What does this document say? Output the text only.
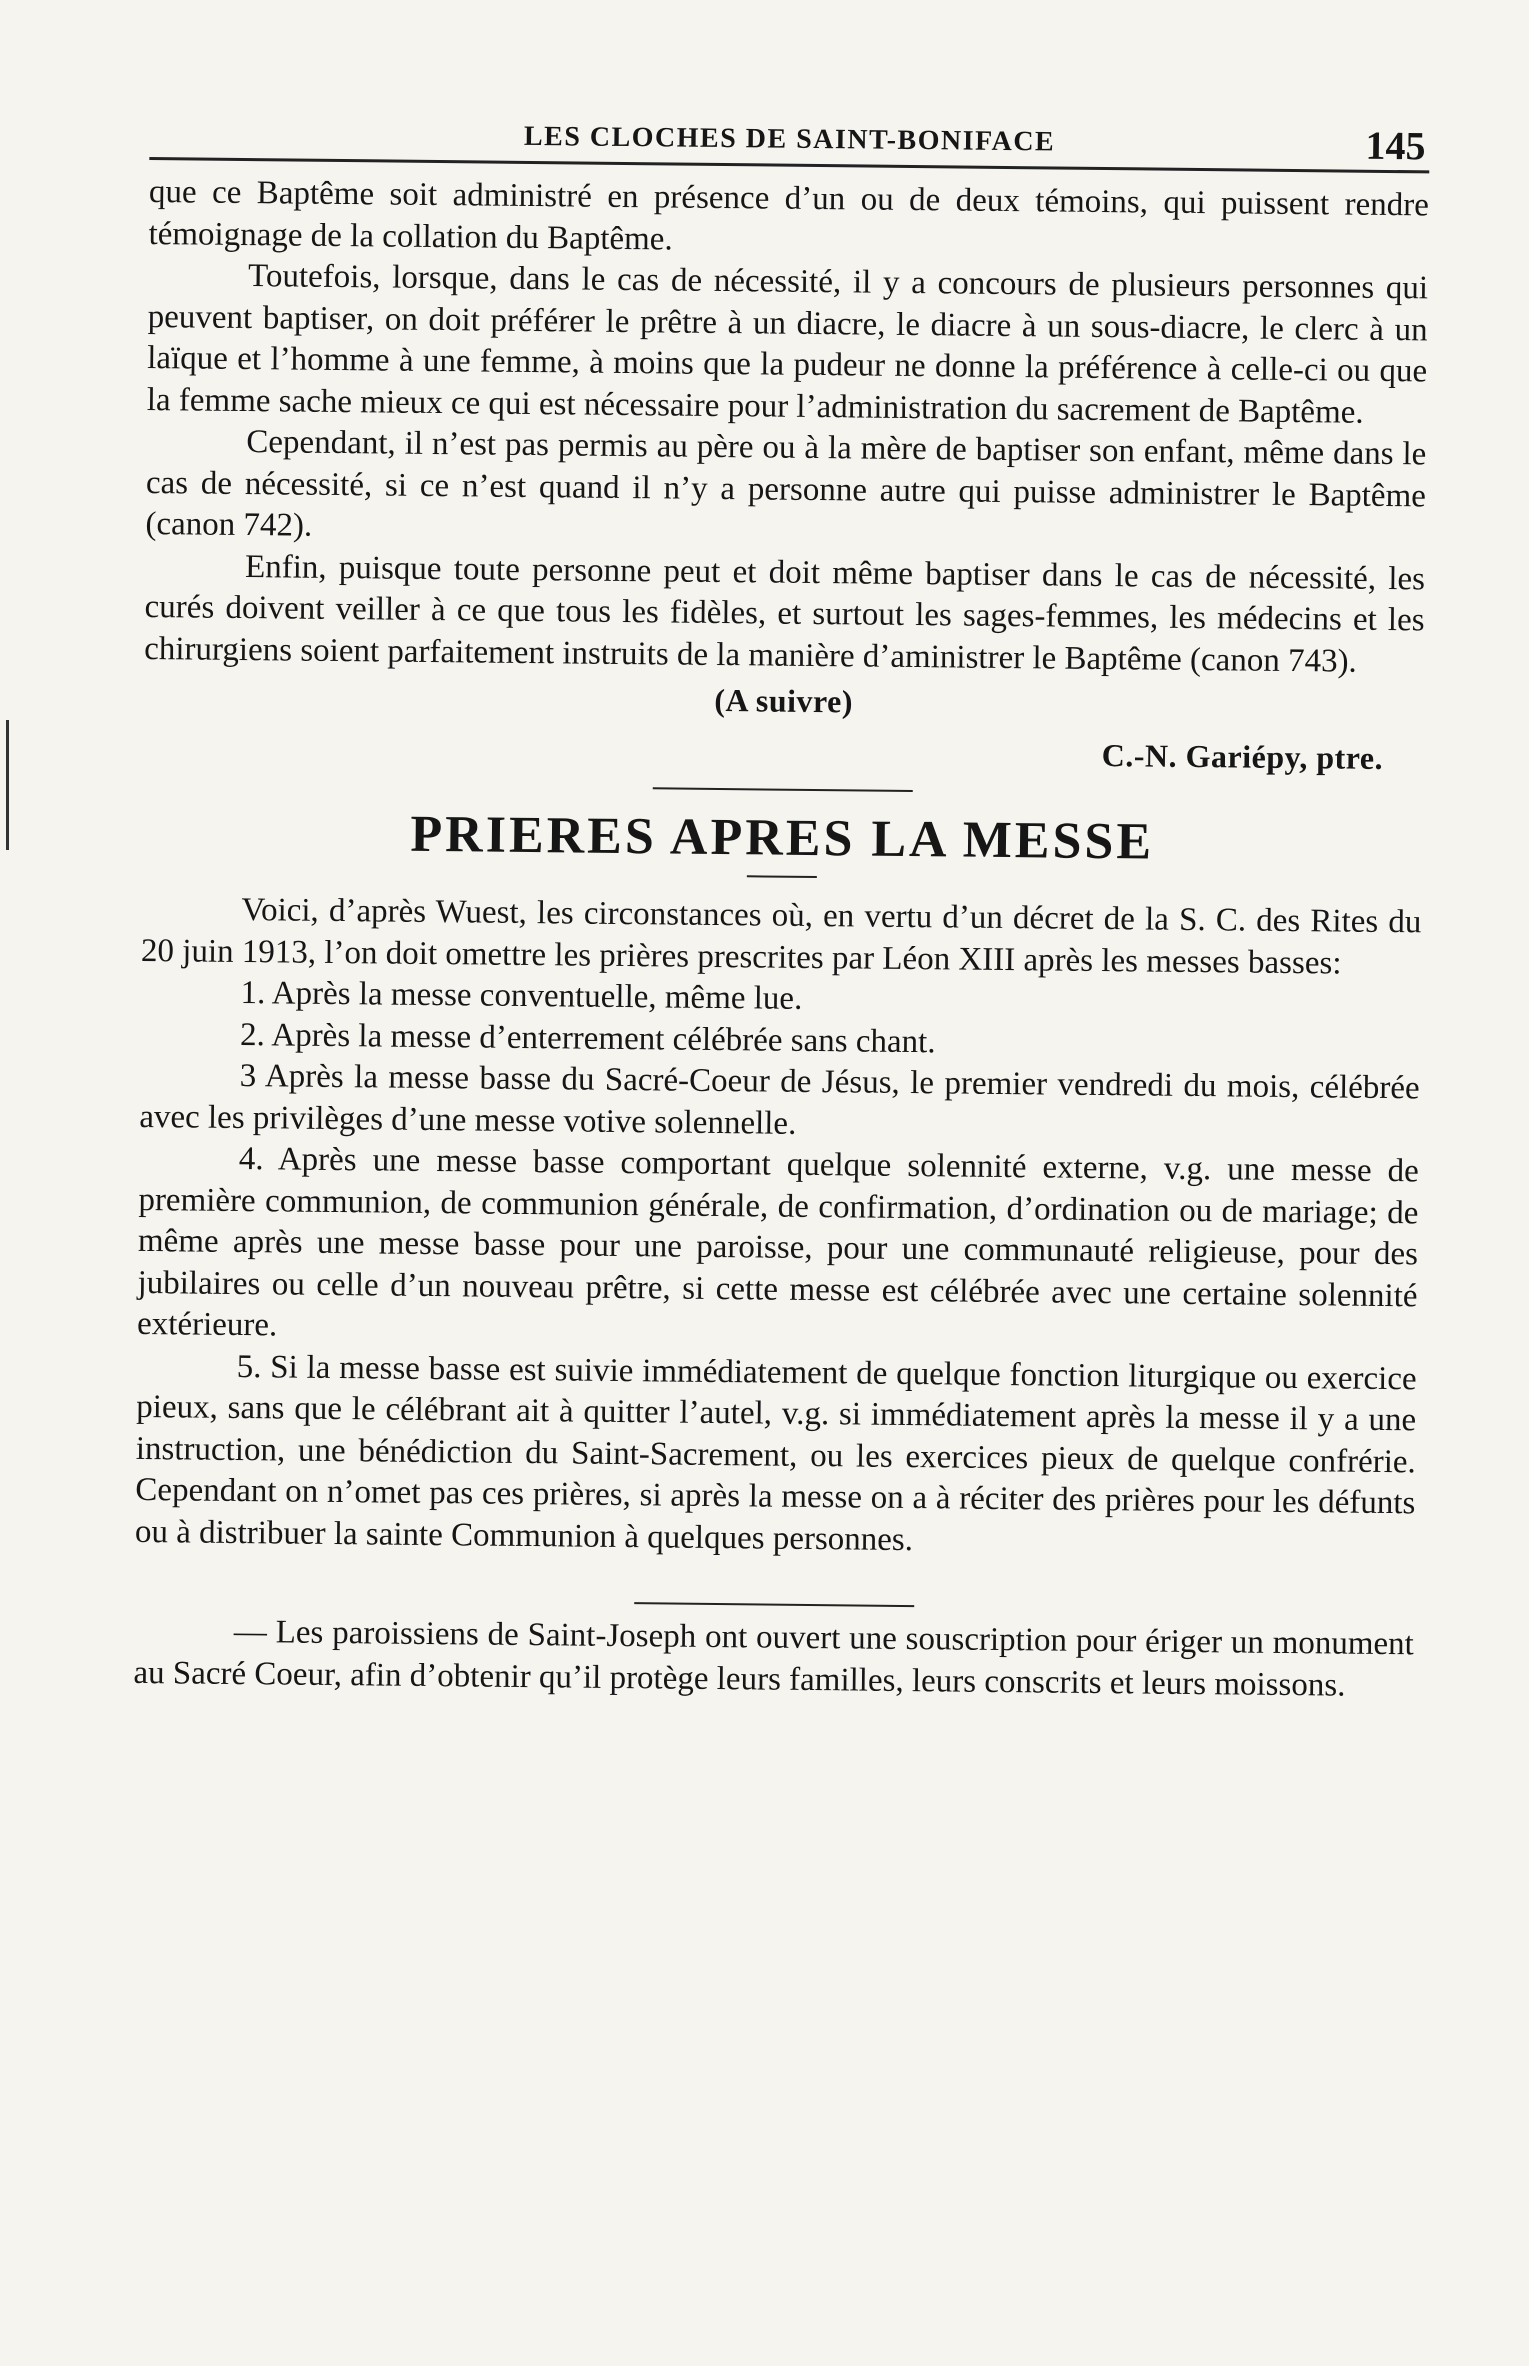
LES CLOCHES DE SAINT-BONIFACE	145

que ce Baptême soit administré en présence d’un ou de deux témoins, qui puissent rendre témoignage de la collation du Baptême.

Toutefois, lorsque, dans le cas de nécessité, il y a concours de plusieurs personnes qui peuvent baptiser, on doit préférer le prêtre à un diacre, le diacre à un sous-diacre, le clerc à un laïque et l’homme à une femme, à moins que la pudeur ne donne la préférence à celle-ci ou que la femme sache mieux ce qui est nécessaire pour l’administration du sacrement de Baptême.

Cependant, il n’est pas permis au père ou à la mère de baptiser son enfant, même dans le cas de nécessité, si ce n’est quand il n’y a personne autre qui puisse administrer le Baptême (canon 742).

Enfin, puisque toute personne peut et doit même baptiser dans le cas de nécessité, les curés doivent veiller à ce que tous les fidèles, et surtout les sages-femmes, les médecins et les chirurgiens soient parfaitement instruits de la manière d’aministrer le Baptême (canon 743).

(A suivre)
C.-N. Gariépy, ptre.
PRIERES APRES LA MESSE

Voici, d’après Wuest, les circonstances où, en vertu d’un décret de la S. C. des Rites du 20 juin 1913, l’on doit omettre les prières prescrites par Léon XIII après les messes basses:

1. Après la messe conventuelle, même lue.

2. Après la messe d’enterrement célébrée sans chant.

3 Après la messe basse du Sacré-Coeur de Jésus, le premier vendredi du mois, célébrée avec les privilèges d’une messe votive solennelle.

4. Après une messe basse comportant quelque solennité externe, v.g. une messe de première communion, de communion générale, de confirmation, d’ordination ou de mariage; de même après une messe basse pour une paroisse, pour une communauté religieuse, pour des jubilaires ou celle d’un nouveau prêtre, si cette messe est célébrée avec une certaine solennité extérieure.

5. Si la messe basse est suivie immédiatement de quelque fonction liturgique ou exercice pieux, sans que le célébrant ait à quitter l’autel, v.g. si immédiatement après la messe il y a une instruction, une bénédiction du Saint-Sacrement, ou les exercices pieux de quelque confrérie. Cependant on n’omet pas ces prières, si après la messe on a à réciter des prières pour les défunts ou à distribuer la sainte Communion à quelques personnes.

— Les paroissiens de Saint-Joseph ont ouvert une souscription pour ériger un monument au Sacré Coeur, afin d’obtenir qu’il protège leurs familles, leurs conscrits et leurs moissons.
